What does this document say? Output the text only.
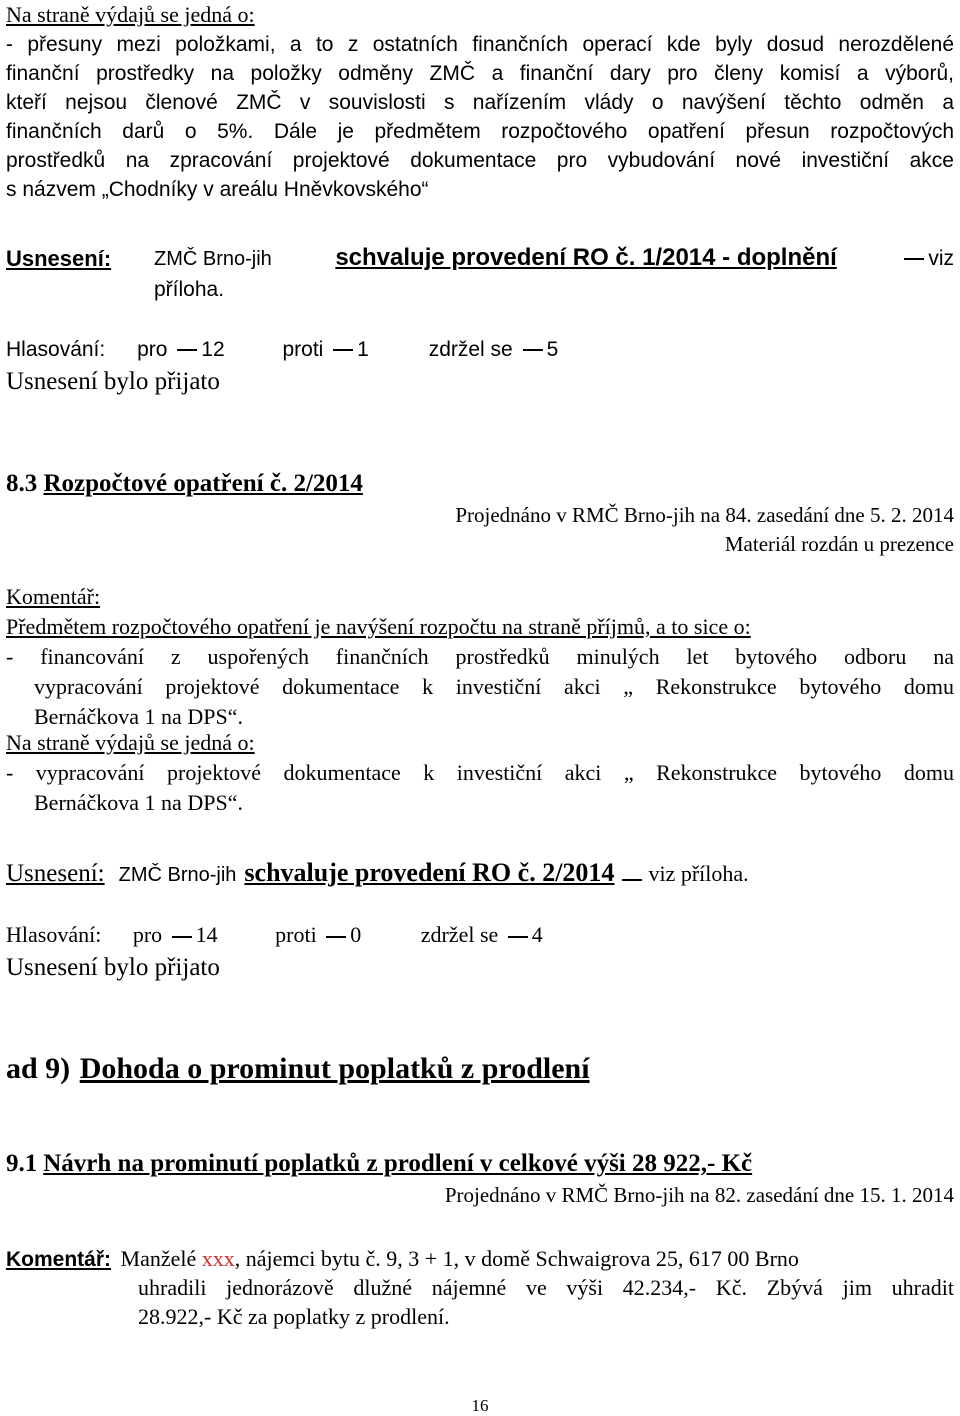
Na straně výdajů se jedná o:
- přesuny mezi položkami, a to z ostatních finančních operací kde byly dosud nerozdělené
finanční prostředky na položky odměny ZMČ a finanční dary pro členy komisí a výborů,
kteří nejsou členové ZMČ v souvislosti s nařízením vlády o navýšení těchto odměn a
finančních darů o 5%. Dále je předmětem rozpočtového opatření přesun rozpočtových
prostředků na zpracování projektové dokumentace pro vybudování nové investiční akce
s názvem „Chodníky v areálu Hněvkovského“
Usnesení: ZMČ Brno-jih	schvaluje provedení RO č. 1/2014 - doplnění	viz
příloha.
Hlasování: pro 12	proti 1	zdržel se 5
Usnesení bylo přijato
8.3 Rozpočtové opatření č. 2/2014
Projednáno v RMČ Brno-jih na 84. zasedání dne 5. 2. 2014
Materiál rozdán u prezence
Komentář:
Předmětem rozpočtového opatření je navýšení rozpočtu na straně příjmů, a to sice o:
- financování z uspořených finančních prostředků minulých let bytového odboru na
vypracování projektové dokumentace k investiční akci „ Rekonstrukce bytového domu
Bernáčkova 1 na DPS“.
Na straně výdajů se jedná o:
- vypracování projektové dokumentace k investiční akci „ Rekonstrukce bytového domu
Bernáčkova 1 na DPS“.
Usnesení: ZMČ Brno-jih schvaluje provedení RO č. 2/2014 viz příloha.
Hlasování: pro 14	proti 0	zdržel se 4
Usnesení bylo přijato
ad 9) Dohoda o prominut poplatků z prodlení
9.1 Návrh na prominutí poplatků z prodlení v celkové výši 28 922,- Kč
Projednáno v RMČ Brno-jih na 82. zasedání dne 15. 1. 2014
Komentář: Manželé xxx, nájemci bytu č. 9, 3 + 1, v domě Schwaigrova 25, 617 00 Brno
uhradili jednorázově dlužné nájemné ve výši 42.234,- Kč. Zbývá jim uhradit
28.922,- Kč za poplatky z prodlení.
16
